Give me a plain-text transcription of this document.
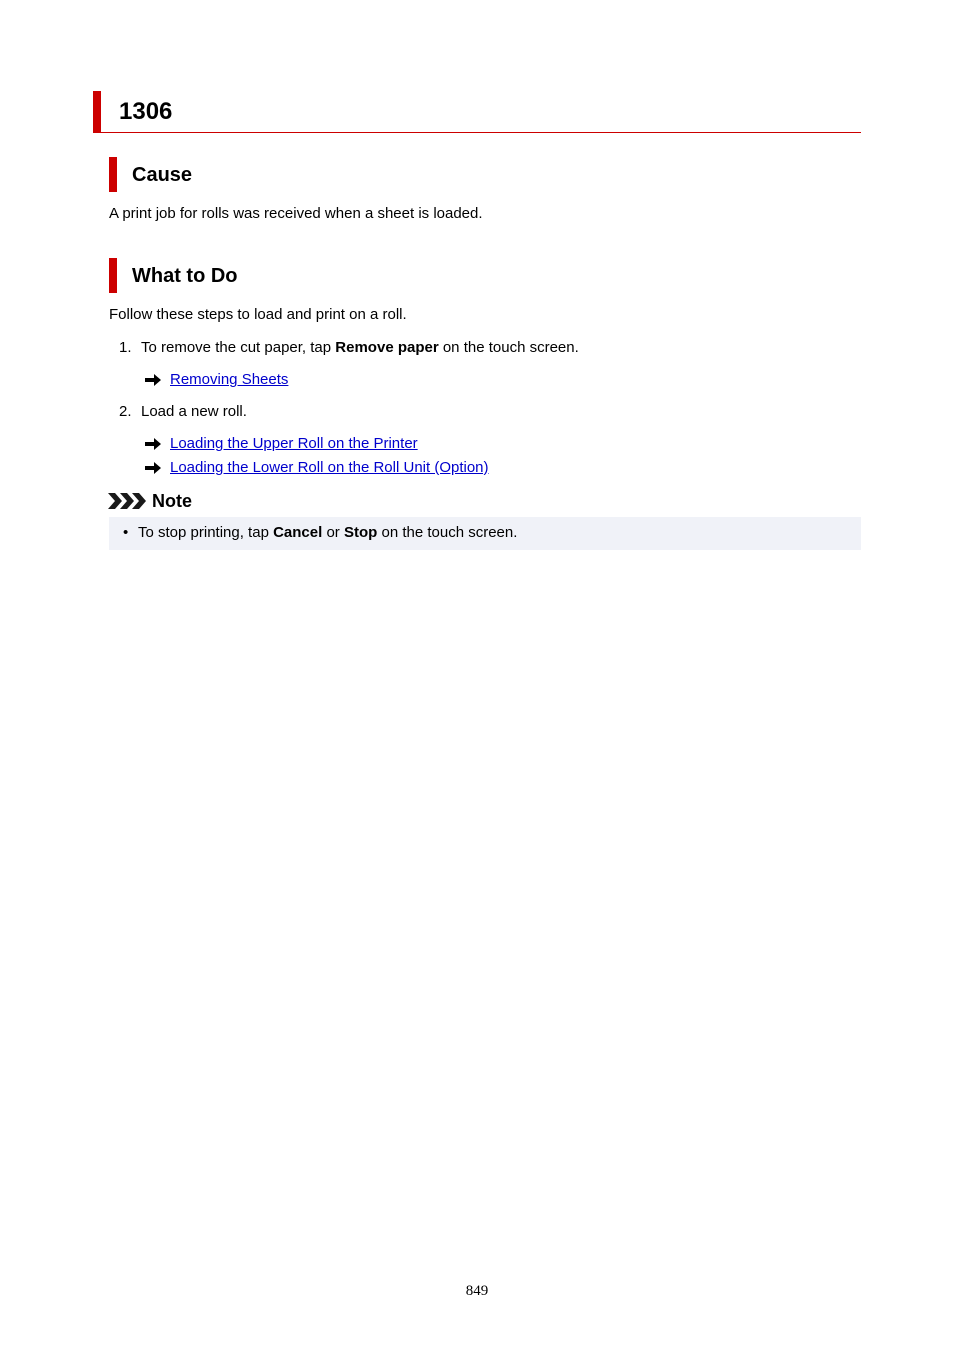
1306
Cause
A print job for rolls was received when a sheet is loaded.
What to Do
Follow these steps to load and print on a roll.
1. To remove the cut paper, tap Remove paper on the touch screen.
Removing Sheets
2. Load a new roll.
Loading the Upper Roll on the Printer
Loading the Lower Roll on the Roll Unit (Option)
Note
• To stop printing, tap Cancel or Stop on the touch screen.
849
